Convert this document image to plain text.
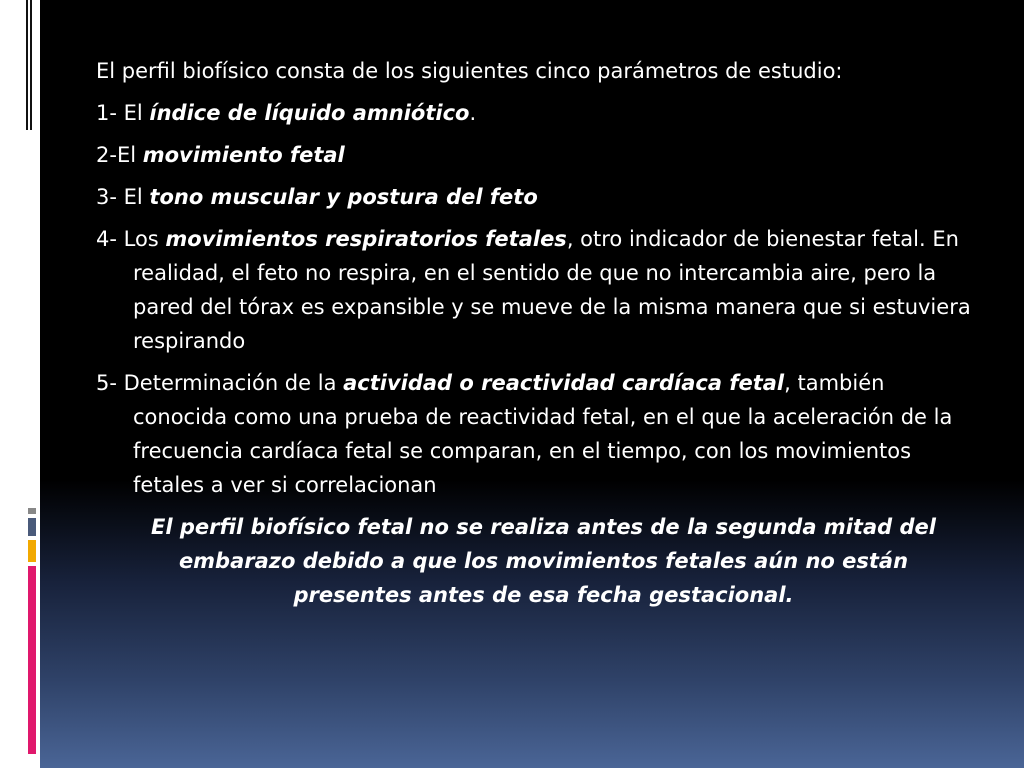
El perfil biofísico consta de los siguientes cinco parámetros de estudio:

1- El índice de líquido amniótico.

2-El movimiento fetal

3- El tono muscular y postura del feto

4- Los movimientos respiratorios fetales, otro indicador de bienestar fetal. En realidad, el feto no respira, en el sentido de que no intercambia aire, pero la pared del tórax es expansible y se mueve de la misma manera que si estuviera respirando

5- Determinación de la actividad o reactividad cardíaca fetal, también conocida como una prueba de reactividad fetal, en el que la aceleración de la frecuencia cardíaca fetal se comparan, en el tiempo, con los movimientos fetales a ver si correlacionan

El perfil biofísico fetal no se realiza antes de la segunda mitad del embarazo debido a que los movimientos fetales aún no están presentes antes de esa fecha gestacional.
